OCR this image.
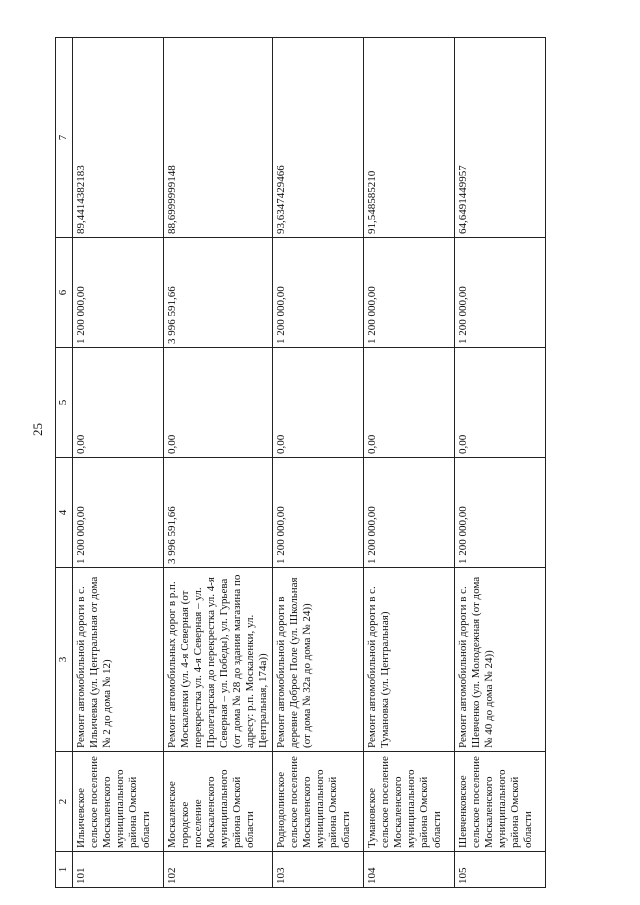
25
1	2	3	4	5	6	7
101	Ильичевское сельское поселение Москаленского муниципального района Омской области	Ремонт автомобильной дороги в с. Ильичевка (ул. Центральная от дома № 2 до дома № 12)	1 200 000,00	0,00	1 200 000,00	89,4414382183
102	Москаленское городское поселение Москаленского муниципального района Омской области	Ремонт автомобильных дорог в р.п. Москаленки (ул. 4-я Северная (от перекрестка ул. 4-я Северная – ул. Пролетарская до перекрестка ул. 4-я Северная – ул. Победы), ул. Гурьева (от дома № 28 до здания магазина по адресу: р.п. Москаленки, ул. Центральная, 174а))	3 996 591,66	0,00	3 996 591,66	88,6999999148
103	Роднодолинское сельское поселение Москаленского муниципального района Омской области	Ремонт автомобильной дороги в деревне Доброе Поле (ул. Школьная (от дома № 32а до дома № 24))	1 200 000,00	0,00	1 200 000,00	93,6347429466
104	Тумановское сельское поселение Москаленского муниципального района Омской области	Ремонт автомобильной дороги в с. Тумановка (ул. Центральная)	1 200 000,00	0,00	1 200 000,00	91,548585210
105	Шевченковское сельское поселение Москаленского муниципального района Омской области	Ремонт автомобильной дороги в с. Шевченко (ул. Молодежная (от дома № 40 до дома № 24))	1 200 000,00	0,00	1 200 000,00	64,6491449957
